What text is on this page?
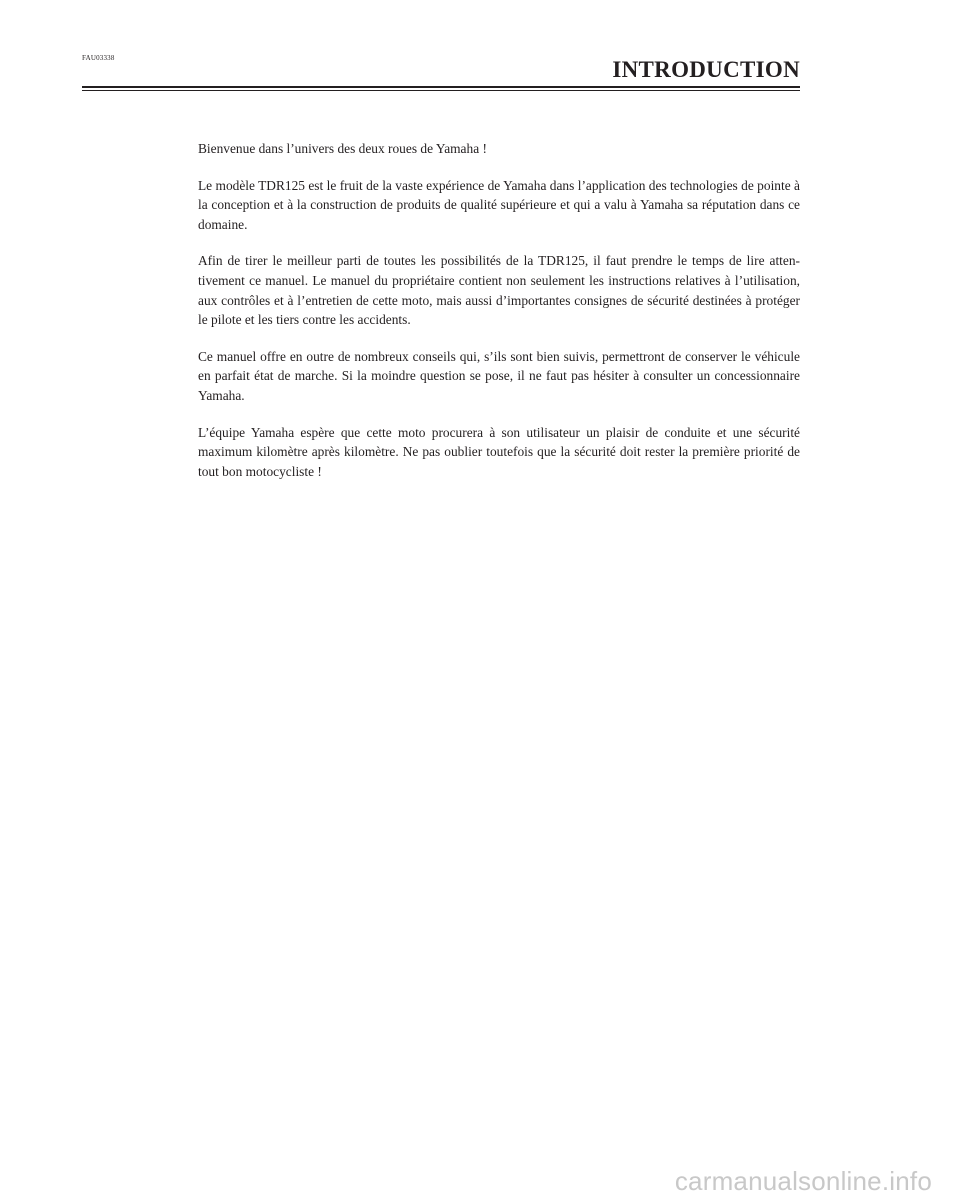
FAU03338	INTRODUCTION

Bienvenue dans l’univers des deux roues de Yamaha !

Le modèle TDR125 est le fruit de la vaste expérience de Yamaha dans l’application des technologies de pointe à la conception et à la construction de produits de qualité supérieure et qui a valu à Yamaha sa réputation dans ce domaine.

Afin de tirer le meilleur parti de toutes les possibilités de la TDR125, il faut prendre le temps de lire attentivement ce manuel. Le manuel du propriétaire contient non seulement les instructions relatives à l’utilisation, aux contrôles et à l’entretien de cette moto, mais aussi d’importantes consignes de sécurité destinées à protéger le pilote et les tiers contre les accidents.

Ce manuel offre en outre de nombreux conseils qui, s’ils sont bien suivis, permettront de conserver le véhicule en parfait état de marche. Si la moindre question se pose, il ne faut pas hésiter à consulter un concessionnaire Yamaha.

L’équipe Yamaha espère que cette moto procurera à son utilisateur un plaisir de conduite et une sécurité maximum kilomètre après kilomètre. Ne pas oublier toutefois que la sécurité doit rester la première priorité de tout bon motocycliste !

carmanualsonline.info
